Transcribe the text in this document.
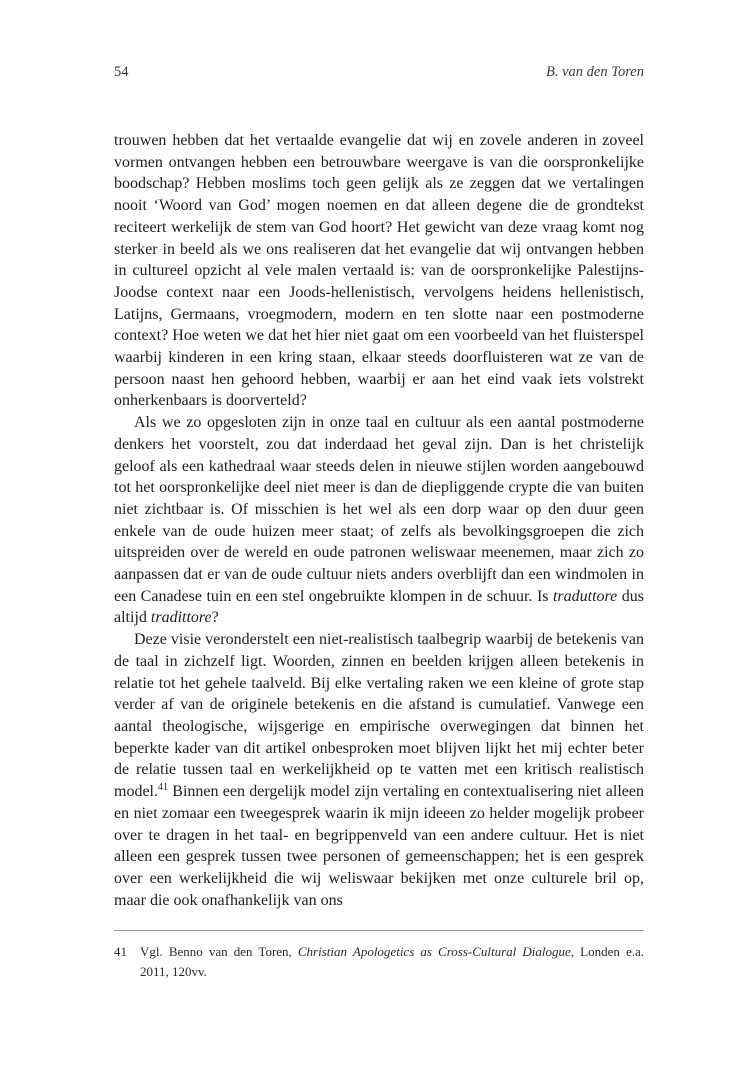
54	B. van den Toren

trouwen hebben dat het vertaalde evangelie dat wij en zovele anderen in zoveel vormen ontvangen hebben een betrouwbare weergave is van die oorspronkelijke boodschap? Hebben moslims toch geen gelijk als ze zeggen dat we vertalingen nooit ‘Woord van God’ mogen noemen en dat alleen degene die de grondtekst reciteert werkelijk de stem van God hoort? Het gewicht van deze vraag komt nog sterker in beeld als we ons realiseren dat het evangelie dat wij ontvangen hebben in cultureel opzicht al vele malen vertaald is: van de oorspronkelijke Palestijns-Joodse context naar een Joods-hellenistisch, vervolgens heidens hellenistisch, Latijns, Germaans, vroegmodern, modern en ten slotte naar een postmoderne context? Hoe weten we dat het hier niet gaat om een voorbeeld van het fluisterspel waarbij kinderen in een kring staan, elkaar steeds doorfluisteren wat ze van de persoon naast hen gehoord hebben, waarbij er aan het eind vaak iets volstrekt onherkenbaars is doorverteld?

Als we zo opgesloten zijn in onze taal en cultuur als een aantal postmoderne denkers het voorstelt, zou dat inderdaad het geval zijn. Dan is het christelijk geloof als een kathedraal waar steeds delen in nieuwe stijlen worden aangebouwd tot het oorspronkelijke deel niet meer is dan de diepliggende crypte die van buiten niet zichtbaar is. Of misschien is het wel als een dorp waar op den duur geen enkele van de oude huizen meer staat; of zelfs als bevolkingsgroepen die zich uitspreiden over de wereld en oude patronen weliswaar meenemen, maar zich zo aanpassen dat er van de oude cultuur niets anders overblijft dan een windmolen in een Canadese tuin en een stel ongebruikte klompen in de schuur. Is traduttore dus altijd tradittore?

Deze visie veronderstelt een niet-realistisch taalbegrip waarbij de betekenis van de taal in zichzelf ligt. Woorden, zinnen en beelden krijgen alleen betekenis in relatie tot het gehele taalveld. Bij elke vertaling raken we een kleine of grote stap verder af van de originele betekenis en die afstand is cumulatief. Vanwege een aantal theologische, wijsgerige en empirische overwegingen dat binnen het beperkte kader van dit artikel onbesproken moet blijven lijkt het mij echter beter de relatie tussen taal en werkelijkheid op te vatten met een kritisch realistisch model.$^{41}$ Binnen een dergelijk model zijn vertaling en contextualisering niet alleen en niet zomaar een tweegesprek waarin ik mijn ideeen zo helder mogelijk probeer over te dragen in het taal- en begrippenveld van een andere cultuur. Het is niet alleen een gesprek tussen twee personen of gemeenschappen; het is een gesprek over een werkelijkheid die wij weliswaar bekijken met onze culturele bril op, maar die ook onafhankelijk van ons

41	Vgl. Benno van den Toren, Christian Apologetics as Cross-Cultural Dialogue, Londen e.a. 2011, 120vv.
